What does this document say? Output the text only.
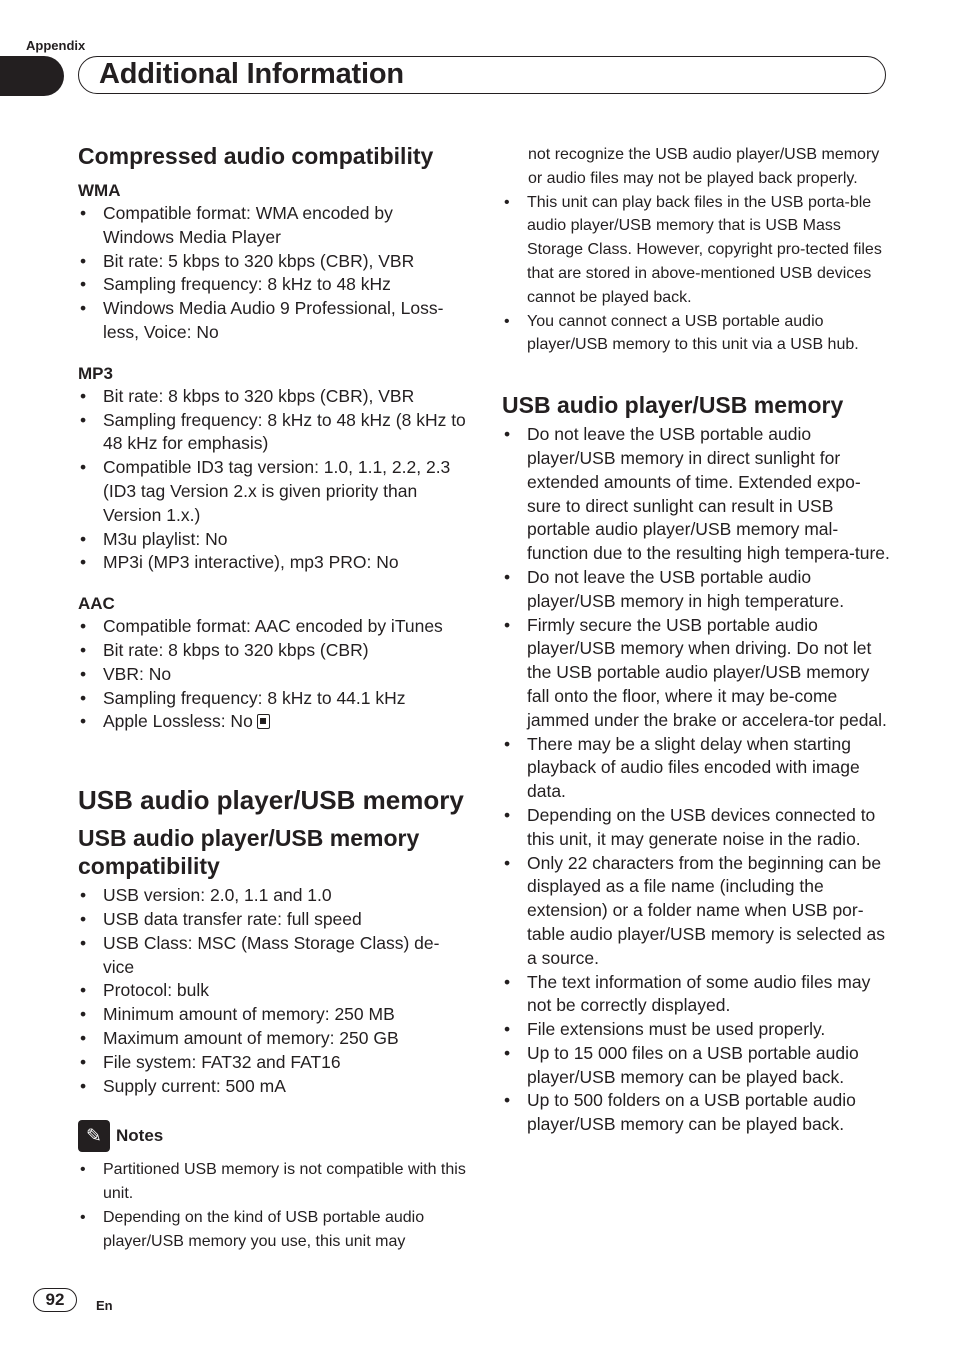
Appendix
Additional Information
Compressed audio compatibility
WMA
• Compatible format: WMA encoded by Windows Media Player
• Bit rate: 5 kbps to 320 kbps (CBR), VBR
• Sampling frequency: 8 kHz to 48 kHz
• Windows Media Audio 9 Professional, Loss-less, Voice: No
MP3
• Bit rate: 8 kbps to 320 kbps (CBR), VBR
• Sampling frequency: 8 kHz to 48 kHz (8 kHz to 48 kHz for emphasis)
• Compatible ID3 tag version: 1.0, 1.1, 2.2, 2.3 (ID3 tag Version 2.x is given priority than Version 1.x.)
• M3u playlist: No
• MP3i (MP3 interactive), mp3 PRO: No
AAC
• Compatible format: AAC encoded by iTunes
• Bit rate: 8 kbps to 320 kbps (CBR)
• VBR: No
• Sampling frequency: 8 kHz to 44.1 kHz
• Apple Lossless: No
USB audio player/USB memory
USB audio player/USB memory compatibility
• USB version: 2.0, 1.1 and 1.0
• USB data transfer rate: full speed
• USB Class: MSC (Mass Storage Class) de-vice
• Protocol: bulk
• Minimum amount of memory: 250 MB
• Maximum amount of memory: 250 GB
• File system: FAT32 and FAT16
• Supply current: 500 mA
✎ Notes
• Partitioned USB memory is not compatible with this unit.
• Depending on the kind of USB portable audio player/USB memory you use, this unit may
not recognize the USB audio player/USB memory or audio files may not be played back properly.
• This unit can play back files in the USB porta-ble audio player/USB memory that is USB Mass Storage Class. However, copyright pro-tected files that are stored in above-mentioned USB devices cannot be played back.
• You cannot connect a USB portable audio player/USB memory to this unit via a USB hub.
USB audio player/USB memory
• Do not leave the USB portable audio player/USB memory in direct sunlight for extended amounts of time. Extended expo-sure to direct sunlight can result in USB portable audio player/USB memory mal-function due to the resulting high tempera-ture.
• Do not leave the USB portable audio player/USB memory in high temperature.
• Firmly secure the USB portable audio player/USB memory when driving. Do not let the USB portable audio player/USB memory fall onto the floor, where it may be-come jammed under the brake or accelera-tor pedal.
• There may be a slight delay when starting playback of audio files encoded with image data.
• Depending on the USB devices connected to this unit, it may generate noise in the radio.
• Only 22 characters from the beginning can be displayed as a file name (including the extension) or a folder name when USB por-table audio player/USB memory is selected as a source.
• The text information of some audio files may not be correctly displayed.
• File extensions must be used properly.
• Up to 15 000 files on a USB portable audio player/USB memory can be played back.
• Up to 500 folders on a USB portable audio player/USB memory can be played back.
92	En
